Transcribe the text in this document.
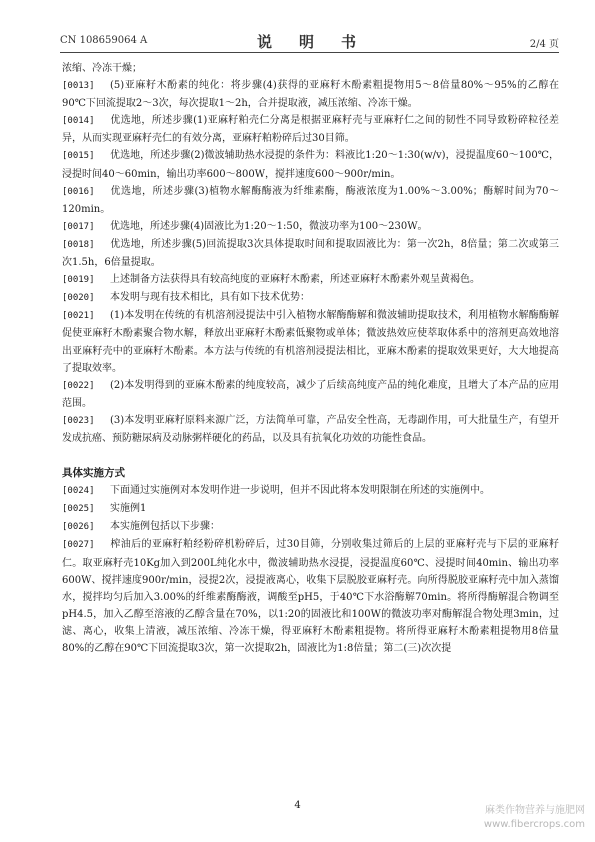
CN 108659064 A	说　明　书	2/4 页
浓缩、冷冻干燥；
[0013] (5)亚麻籽木酚素的纯化：将步骤(4)获得的亚麻籽木酚素粗提物用5～8倍量80%～95%的乙醇在90℃下回流提取2～3次，每次提取1～2h，合并提取液，减压浓缩、冷冻干燥。
[0014] 优选地，所述步骤(1)亚麻籽粕壳仁分离是根据亚麻籽壳与亚麻籽仁之间的韧性不同导致粉碎粒径差异，从而实现亚麻籽壳仁的有效分离，亚麻籽粕粉碎后过30目筛。
[0015] 优选地，所述步骤(2)微波辅助热水浸提的条件为：料液比1:20～1:30(w/v)，浸提温度60～100℃，浸提时间40～60min，输出功率600～800W，搅拌速度600～900r/min。
[0016] 优选地，所述步骤(3)植物水解酶酶液为纤维素酶，酶液浓度为1.00%～3.00%；酶解时间为70～120min。
[0017] 优选地，所述步骤(4)固液比为1:20～1:50，微波功率为100～230W。
[0018] 优选地，所述步骤(5)回流提取3次具体提取时间和提取固液比为：第一次2h，8倍量；第二次或第三次1.5h，6倍量提取。
[0019] 上述制备方法获得具有较高纯度的亚麻籽木酚素，所述亚麻籽木酚素外观呈黄褐色。
[0020] 本发明与现有技术相比，具有如下技术优势：
[0021] (1)本发明在传统的有机溶剂浸提法中引入植物水解酶酶解和微波辅助提取技术，利用植物水解酶酶解促使亚麻籽木酚素聚合物水解，释放出亚麻籽木酚素低聚物或单体；微波热效应使萃取体系中的溶剂更高效地溶出亚麻籽壳中的亚麻籽木酚素。本方法与传统的有机溶剂浸提法相比，亚麻木酚素的提取效果更好，大大地提高了提取效率。
[0022] (2)本发明得到的亚麻木酚素的纯度较高，减少了后续高纯度产品的纯化难度，且增大了本产品的应用范围。
[0023] (3)本发明亚麻籽原料来源广泛，方法简单可靠，产品安全性高，无毒副作用，可大批量生产，有望开发成抗癌、预防糖尿病及动脉粥样硬化的药品，以及具有抗氧化功效的功能性食品。
具体实施方式
[0024] 下面通过实施例对本发明作进一步说明，但并不因此将本发明限制在所述的实施例中。
[0025] 实施例1
[0026] 本实施例包括以下步骤：
[0027] 榨油后的亚麻籽粕经粉碎机粉碎后，过30目筛，分别收集过筛后的上层的亚麻籽壳与下层的亚麻籽仁。取亚麻籽壳10Kg加入到200L纯化水中，微波辅助热水浸提，浸提温度60℃、浸提时间40min、输出功率600W、搅拌速度900r/min，浸提2次，浸提液离心，收集下层脱胶亚麻籽壳。向所得脱胶亚麻籽壳中加入蒸馏水，搅拌均匀后加入3.00%的纤维素酶酶液，调酸至pH5，于40℃下水浴酶解70min。将所得酶解混合物调至pH4.5，加入乙醇至溶液的乙醇含量在70%，以1:20的固液比和100W的微波功率对酶解混合物处理3min，过滤、离心，收集上清液，减压浓缩、冷冻干燥，得亚麻籽木酚素粗提物。将所得亚麻籽木酚素粗提物用8倍量80%的乙醇在90℃下回流提取3次，第一次提取2h，固液比为1:8倍量；第二(三)次次提
4	麻类作物营养与施肥网
www.fibercrops.com
